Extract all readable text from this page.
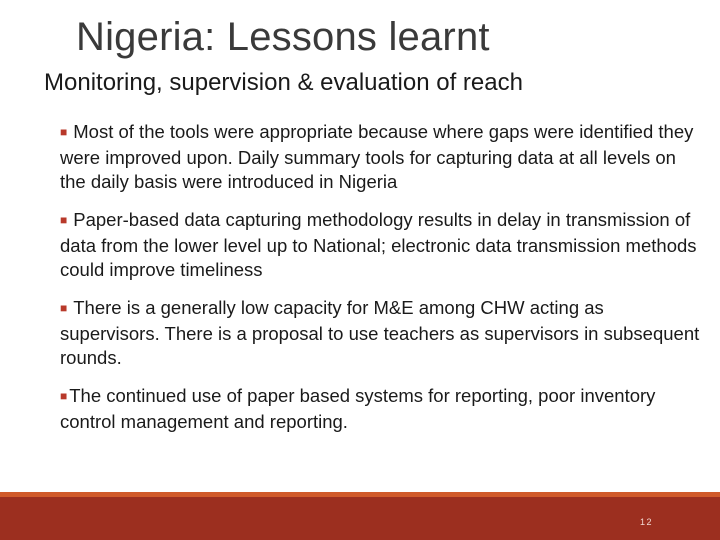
Nigeria: Lessons learnt
Monitoring, supervision & evaluation of reach
■ Most of the tools were appropriate because where gaps were identified they were improved upon. Daily summary tools for capturing data at all levels on the daily basis were introduced in Nigeria
■ Paper-based data capturing methodology results in delay in transmission of data from the lower level up to National; electronic data transmission methods could improve timeliness
■ There is a generally low capacity for M&E among CHW acting as supervisors. There is a proposal to use teachers as supervisors in subsequent rounds.
■ The continued use of paper based systems for reporting, poor inventory control management and reporting.
12
